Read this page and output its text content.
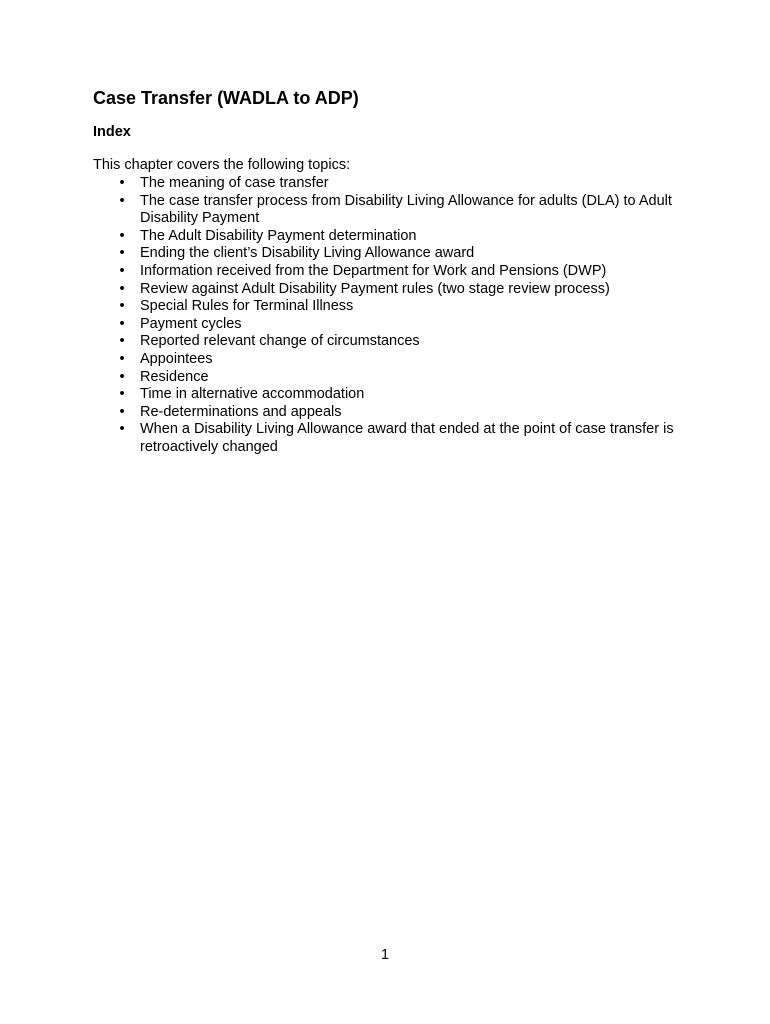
Case Transfer (WADLA to ADP)
Index

This chapter covers the following topics:

• The meaning of case transfer
• The case transfer process from Disability Living Allowance for adults (DLA) to Adult Disability Payment
• The Adult Disability Payment determination
• Ending the client’s Disability Living Allowance award
• Information received from the Department for Work and Pensions (DWP)
• Review against Adult Disability Payment rules (two stage review process)
• Special Rules for Terminal Illness
• Payment cycles
• Reported relevant change of circumstances
• Appointees
• Residence
• Time in alternative accommodation
• Re-determinations and appeals
• When a Disability Living Allowance award that ended at the point of case transfer is retroactively changed

1
